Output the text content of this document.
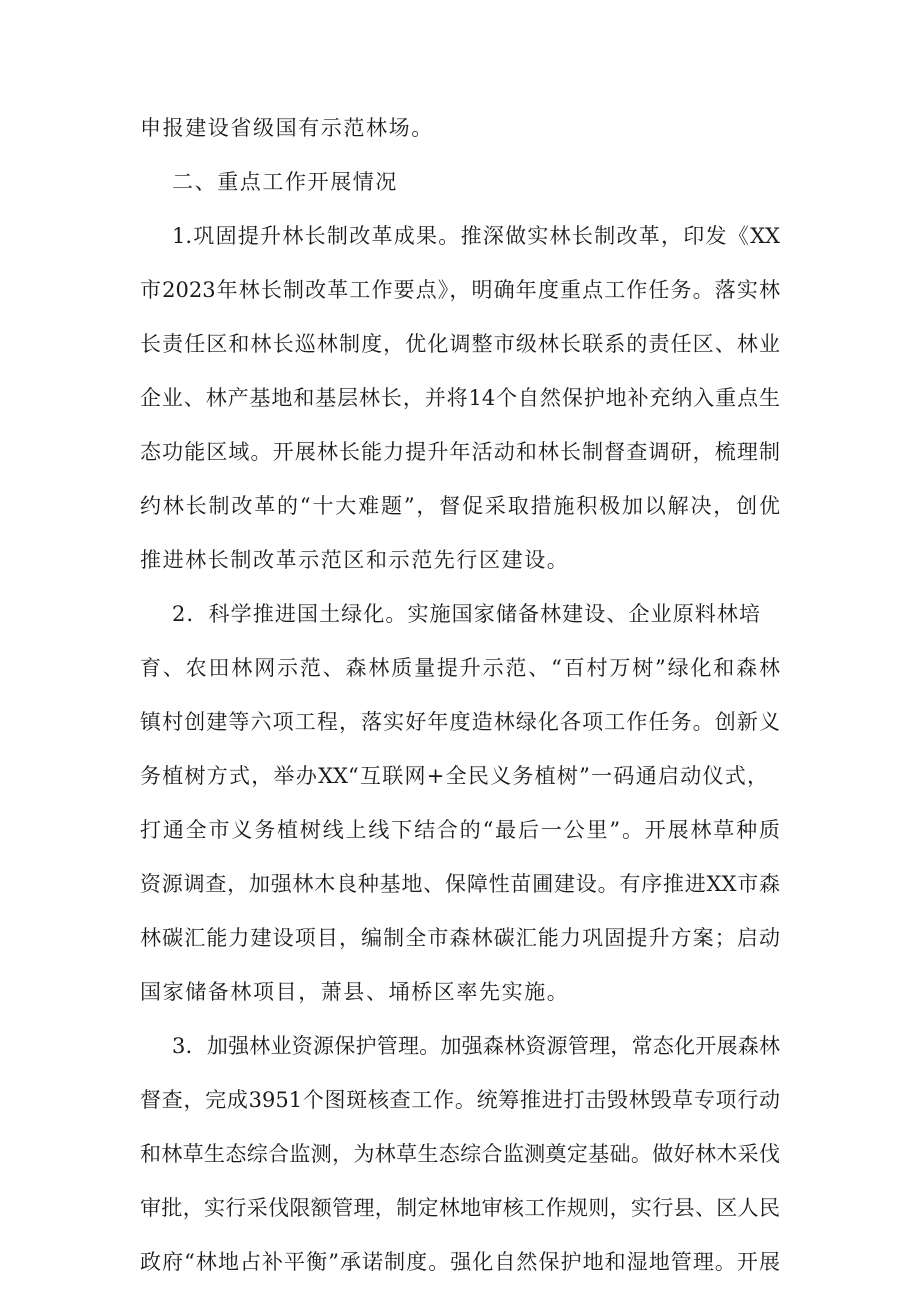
申报建设省级国有示范林场。

二、重点工作开展情况

1.巩固提升林长制改革成果。推深做实林长制改革，印发《XX

市2023年林长制改革工作要点》，明确年度重点工作任务。落实林

长责任区和林长巡林制度，优化调整市级林长联系的责任区、林业

企业、林产基地和基层林长，并将14个自然保护地补充纳入重点生

态功能区域。开展林长能力提升年活动和林长制督查调研，梳理制

约林长制改革的“十大难题”，督促采取措施积极加以解决，创优

推进林长制改革示范区和示范先行区建设。

2．科学推进国土绿化。实施国家储备林建设、企业原料林培

育、农田林网示范、森林质量提升示范、“百村万树”绿化和森林

镇村创建等六项工程，落实好年度造林绿化各项工作任务。创新义

务植树方式，举办XX“互联网+全民义务植树”一码通启动仪式，

打通全市义务植树线上线下结合的“最后一公里”。开展林草种质

资源调查，加强林木良种基地、保障性苗圃建设。有序推进XX市森

林碳汇能力建设项目，编制全市森林碳汇能力巩固提升方案；启动

国家储备林项目，萧县、埇桥区率先实施。

3．加强林业资源保护管理。加强森林资源管理，常态化开展森林

督查，完成3951个图斑核查工作。统筹推进打击毁林毁草专项行动

和林草生态综合监测，为林草生态综合监测奠定基础。做好林木采伐

审批，实行采伐限额管理，制定林地审核工作规则，实行县、区人民

政府“林地占补平衡”承诺制度。强化自然保护地和湿地管理。开展
